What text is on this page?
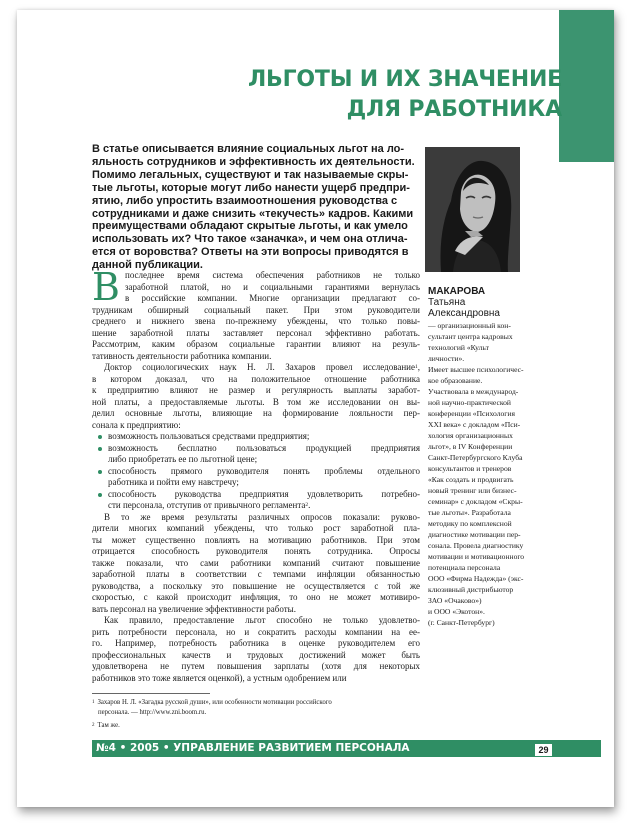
ЛЬГОТЫ И ИХ ЗНАЧЕНИЕ
ДЛЯ РАБОТНИКА
В статье описывается влияние социальных льгот на ло-
яльность сотрудников и эффективность их деятельности.
Помимо легальных, существуют и так называемые скры-
тые льготы, которые могут либо нанести ущерб предпри-
ятию, либо упростить взаимоотношения руководства с
сотрудниками и даже снизить «текучесть» кадров. Какими
преимуществами обладают скрытые льготы, и как умело
использовать их? Что такое «заначка», и чем она отлича-
ется от воровства? Ответы на эти вопросы приводятся в
данной публикации.
В последнее время система обеспечения работников не только
заработной платой, но и социальными гарантиями вернулась
в российские компании. Многие организации предлагают со-
трудникам обширный социальный пакет. При этом руководители
среднего и нижнего звена по-прежнему убеждены, что только повы-
шение заработной платы заставляет персонал эффективно работать.
Рассмотрим, каким образом социальные гарантии влияют на резуль-
тативность деятельности работника компании.
Доктор социологических наук Н. Л. Захаров провел исследование$^1$,
в котором доказал, что на положительное отношение работника
к предприятию влияют не размер и регулярность выплаты заработ-
ной платы, а предоставляемые льготы. В том же исследовании он вы-
делил основные льготы, влияющие на формирование лояльности пер-
сонала к предприятию:
возможность пользоваться средствами предприятия;
возможность бесплатно пользоваться продукцией предприятия
либо приобретать ее по льготной цене;
способность прямого руководителя понять проблемы отдельного
работника и пойти ему навстречу;
способность руководства предприятия удовлетворить потребно-
сти персонала, отступив от привычного регламента$^2$.
В то же время результаты различных опросов показали: руково-
дители многих компаний убеждены, что только рост заработной пла-
ты может существенно повлиять на мотивацию работников. При этом
отрицается способность руководителя понять сотрудника. Опросы
также показали, что сами работники компаний считают повышение
заработной платы в соответствии с темпами инфляции обязанностью
руководства, а поскольку это повышение не осуществляется с той же
скоростью, с какой происходит инфляция, то оно не может мотивиро-
вать персонал на увеличение эффективности работы.
Как правило, предоставление льгот способно не только удовлетво-
рить потребности персонала, но и сократить расходы компании на ее-
го. Например, потребность работника в оценке руководителем его
профессиональных качеств и трудовых достижений может быть
удовлетворена не путем повышения зарплаты (хотя для некоторых
работников это тоже является оценкой), а устным одобрением или
$^1$ Захаров Н. Л. «Загадка русской души», или особенности мотивации российского
персонала. — http://www.zni.boom.ru.
$^2$ Там же.
МАКАРОВА
Татьяна
Александровна
— организационный кон-
сультант центра кадровых
технологий «Культ
личности».
Имеет высшее психологичес-
кое образование.
Участвовала в международ-
ной научно-практической
конференции «Психология
XXI века» с докладом «Пси-
хология организационных
льгот», в IV Конференции
Санкт-Петербургского Клуба
консультантов и тренеров
«Как создать и продвигать
новый тренинг или бизнес-
семинар» с докладом «Скры-
тые льготы». Разработала
методику по комплексной
диагностике мотивации пер-
сонала. Провела диагностику
мотивации и мотивационного
потенциала персонала
ООО «Фирма Надежда» (экс-
клюзивный дистрибьютор
ЗАО «Очаково»)
и ООО «Экотон».
(г. Санкт-Петербург)
№4 • 2005 • УПРАВЛЕНИЕ РАЗВИТИЕМ ПЕРСОНАЛА	29
